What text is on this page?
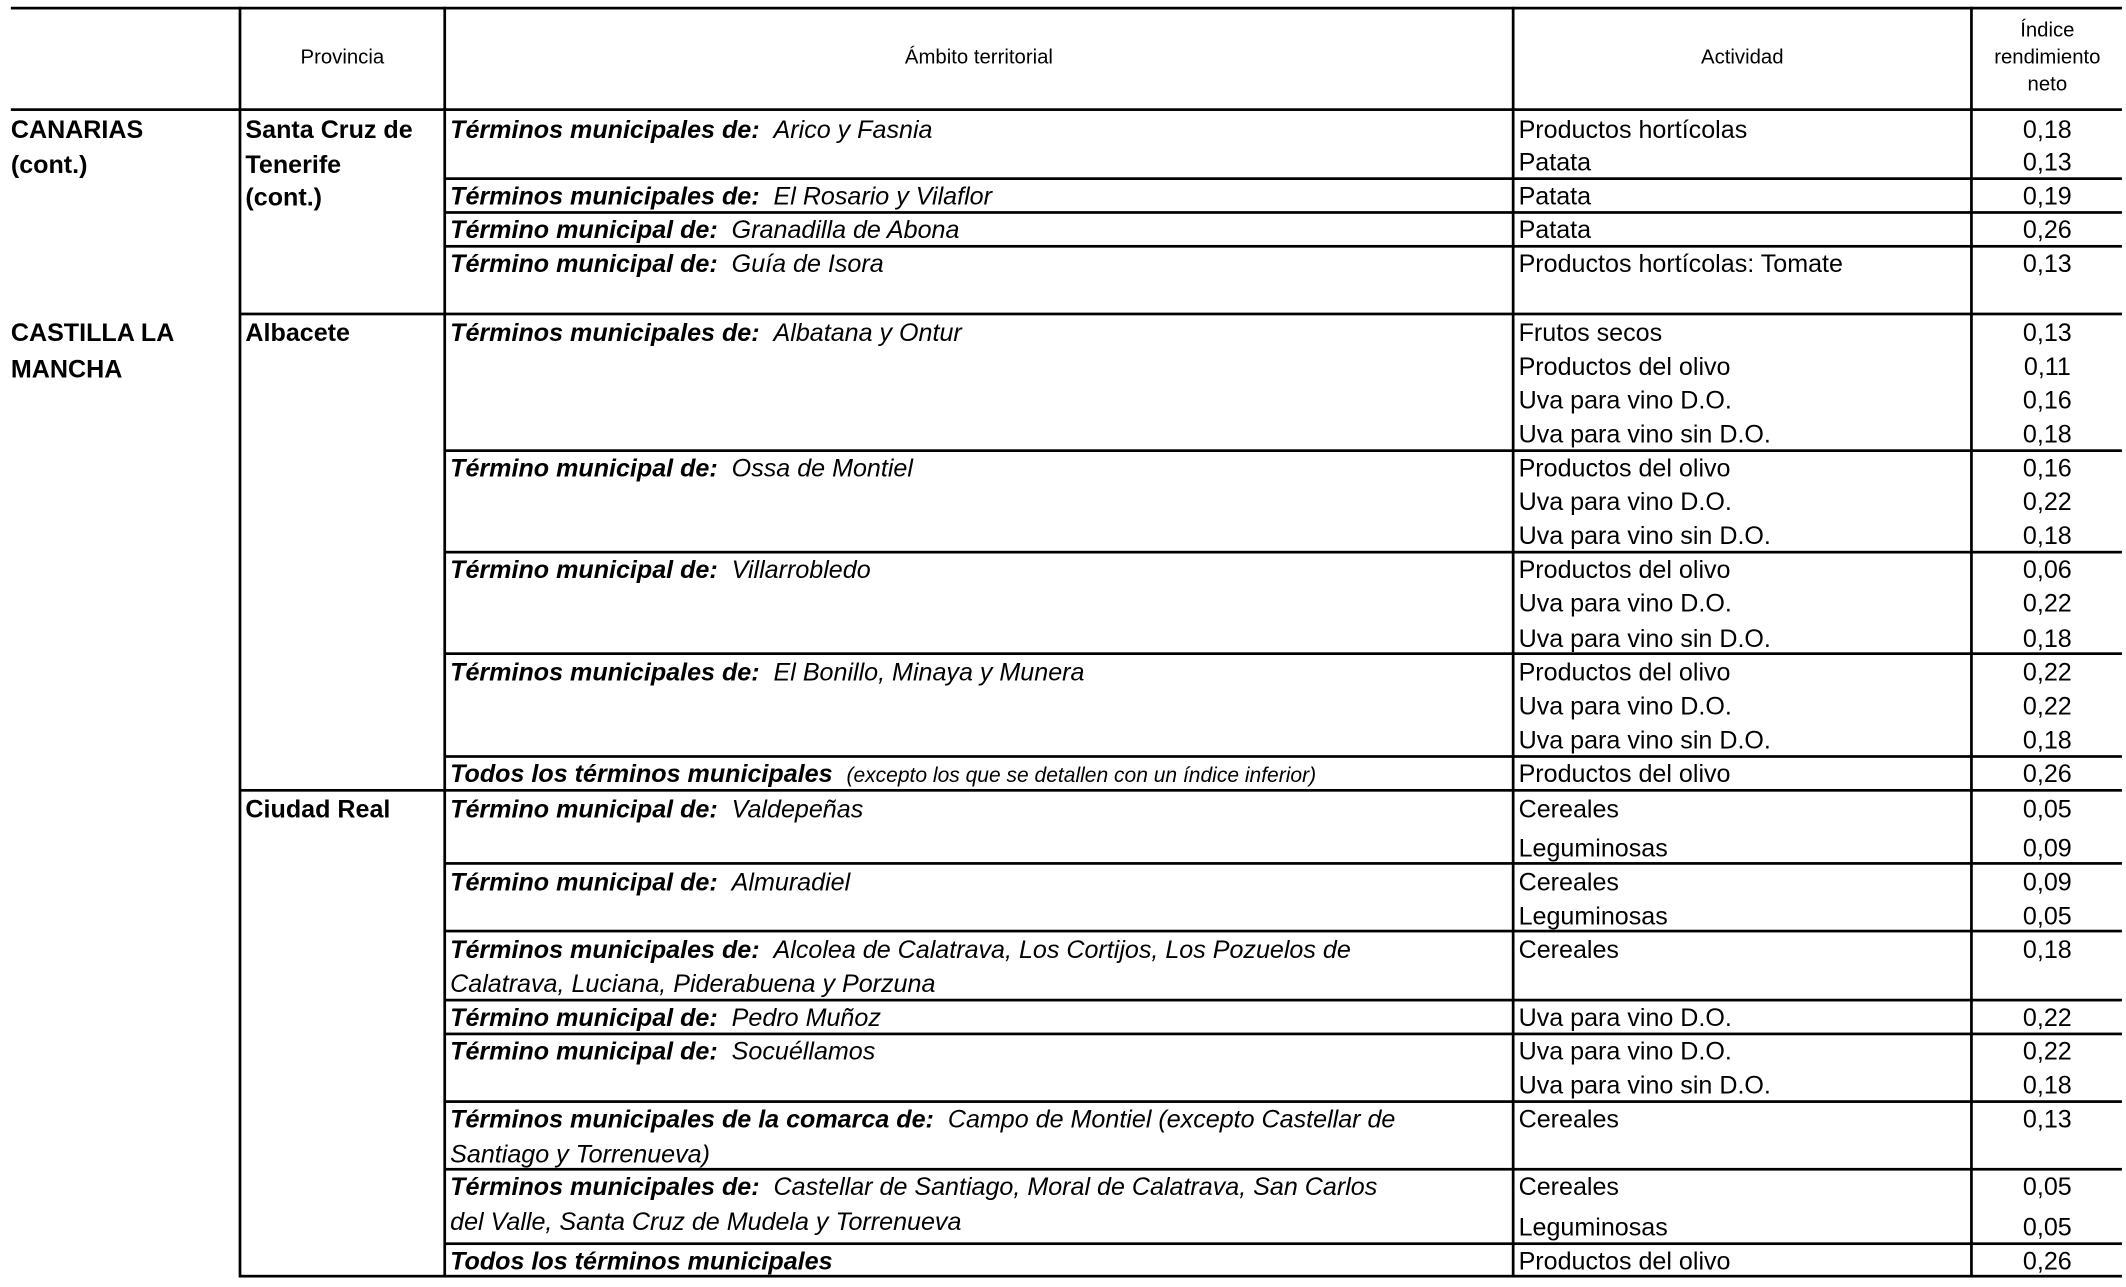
Provincia	Ámbito territorial	Actividad
Índice
rendimiento
neto
CANARIAS
(cont.)
CASTILLA LA
MANCHA
Santa Cruz de
Tenerife
(cont.)
Albacete
Ciudad Real
Términos municipales de: Arico y Fasnia
Términos municipales de: El Rosario y Vilaflor
Término municipal de: Granadilla de Abona
Término municipal de: Guía de Isora
Términos municipales de: Albatana y Ontur
Término municipal de: Ossa de Montiel
Término municipal de: Villarrobledo
Términos municipales de: El Bonillo, Minaya y Munera
Todos los términos municipales (excepto los que se detallen con un índice inferior)
Término municipal de: Valdepeñas
Término municipal de: Almuradiel
Términos municipales de: Alcolea de Calatrava, Los Cortijos, Los Pozuelos de
Calatrava, Luciana, Piderabuena y Porzuna
Término municipal de: Pedro Muñoz
Término municipal de: Socuéllamos
Términos municipales de la comarca de: Campo de Montiel (excepto Castellar de
Santiago y Torrenueva)
Términos municipales de: Castellar de Santiago, Moral de Calatrava, San Carlos
del Valle, Santa Cruz de Mudela y Torrenueva
Todos los términos municipales
Productos hortícolas
Patata
Patata
Patata
Productos hortícolas: Tomate
Frutos secos
Productos del olivo
Uva para vino D.O.
Uva para vino sin D.O.
Productos del olivo
Uva para vino D.O.
Uva para vino sin D.O.
Productos del olivo
Uva para vino D.O.
Uva para vino sin D.O.
Productos del olivo
Uva para vino D.O.
Uva para vino sin D.O.
Productos del olivo
Cereales
Leguminosas
Cereales
Leguminosas
Cereales
Uva para vino D.O.
Uva para vino D.O.
Uva para vino sin D.O.
Cereales
Cereales
Leguminosas
Productos del olivo
0,18
0,13
0,19
0,26
0,13
0,13
0,11
0,16
0,18
0,16
0,22
0,18
0,06
0,22
0,18
0,22
0,22
0,18
0,26
0,05
0,09
0,09
0,05
0,18
0,22
0,22
0,18
0,13
0,05
0,05
0,26
